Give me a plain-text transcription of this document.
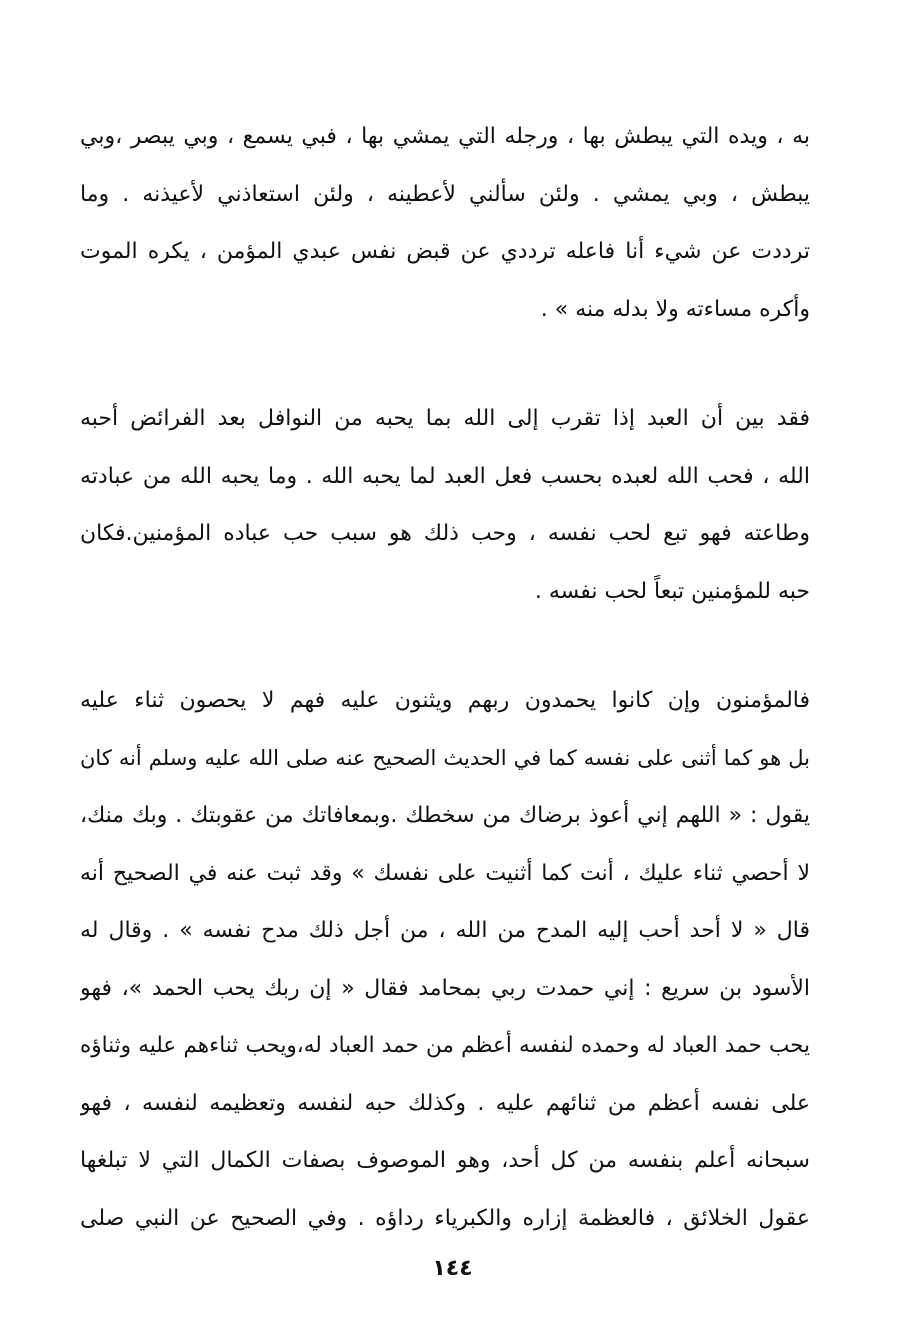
به ، ويده التي يبطش بها ، ورجله التي يمشي بها ، فبي يسمع ، وبي يبصر ،وبي
يبطش ، وبي يمشي . ولئن سألني لأعطينه ، ولئن استعاذني لأعيذنه . وما
ترددت عن شيء أنا فاعله ترددي عن قبض نفس عبدي المؤمن ، يكره الموت
وأكره مساءته ولا بدله منه » .
فقد بين أن العبد إذا تقرب إلى الله بما يحبه من النوافل بعد الفرائض أحبه
الله ، فحب الله لعبده بحسب فعل العبد لما يحبه الله . وما يحبه الله من عبادته
وطاعته فهو تبع لحب نفسه ، وحب ذلك هو سبب حب عباده المؤمنين.فكان
حبه للمؤمنين تبعاً لحب نفسه .
فالمؤمنون وإن كانوا يحمدون ربهم ويثنون عليه فهم لا يحصون ثناء عليه
بل هو كما أثنى على نفسه كما في الحديث الصحيح عنه صلى الله عليه وسلم أنه كان
يقول : « اللهم إني أعوذ برضاك من سخطك .وبمعافاتك من عقوبتك . وبك منك،
لا أحصي ثناء عليك ، أنت كما أثنيت على نفسك » وقد ثبت عنه في الصحيح أنه
قال « لا أحد أحب إليه المدح من الله ، من أجل ذلك مدح نفسه » . وقال له
الأسود بن سريع : إني حمدت ربي بمحامد فقال « إن ربك يحب الحمد »، فهو
يحب حمد العباد له وحمده لنفسه أعظم من حمد العباد له،ويحب ثناءهم عليه وثناؤه
على نفسه أعظم من ثنائهم عليه . وكذلك حبه لنفسه وتعظيمه لنفسه ، فهو
سبحانه أعلم بنفسه من كل أحد، وهو الموصوف بصفات الكمال التي لا تبلغها
عقول الخلائق ، فالعظمة إزاره والكبرياء رداؤه . وفي الصحيح عن النبي صلى
١٤٤
